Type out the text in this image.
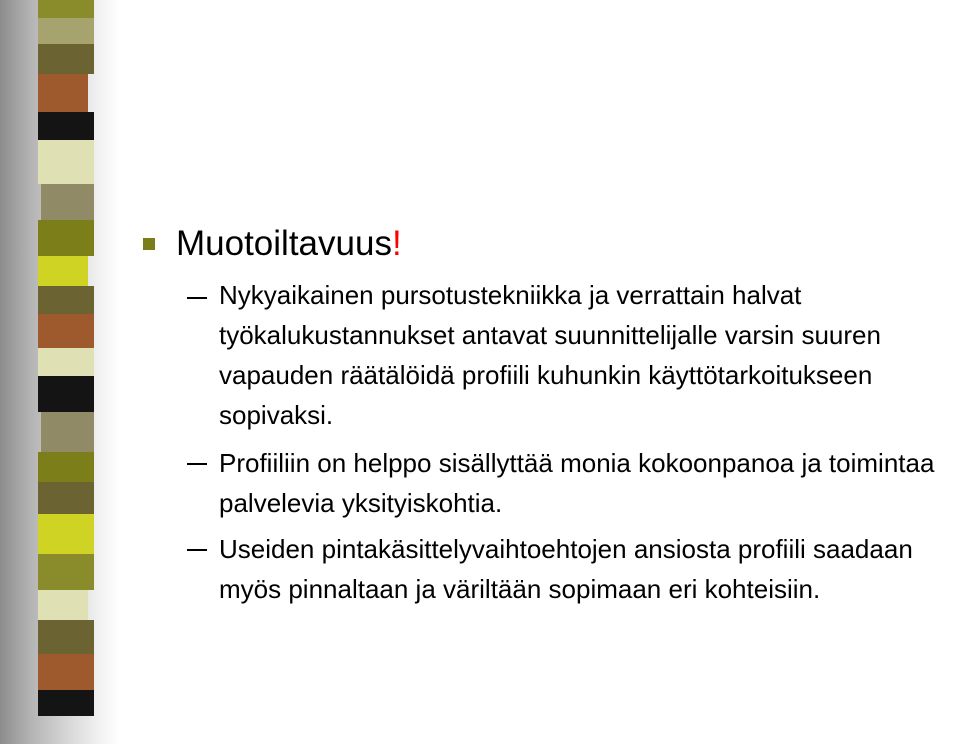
Muotoiltavuus!
Nykyaikainen pursotustekniikka ja verrattain halvat työkalukustannukset antavat suunnittelijalle varsin suuren vapauden räätälöidä profiili kuhunkin käyttötarkoitukseen sopivaksi.
Profiiliin on helppo sisällyttää monia kokoonpanoa ja toimintaa palvelevia yksityiskohtia.
Useiden pintakäsittelyvaihtoehtojen ansiosta profiili saadaan myös pinnaltaan ja väriltään sopimaan eri kohteisiin.
